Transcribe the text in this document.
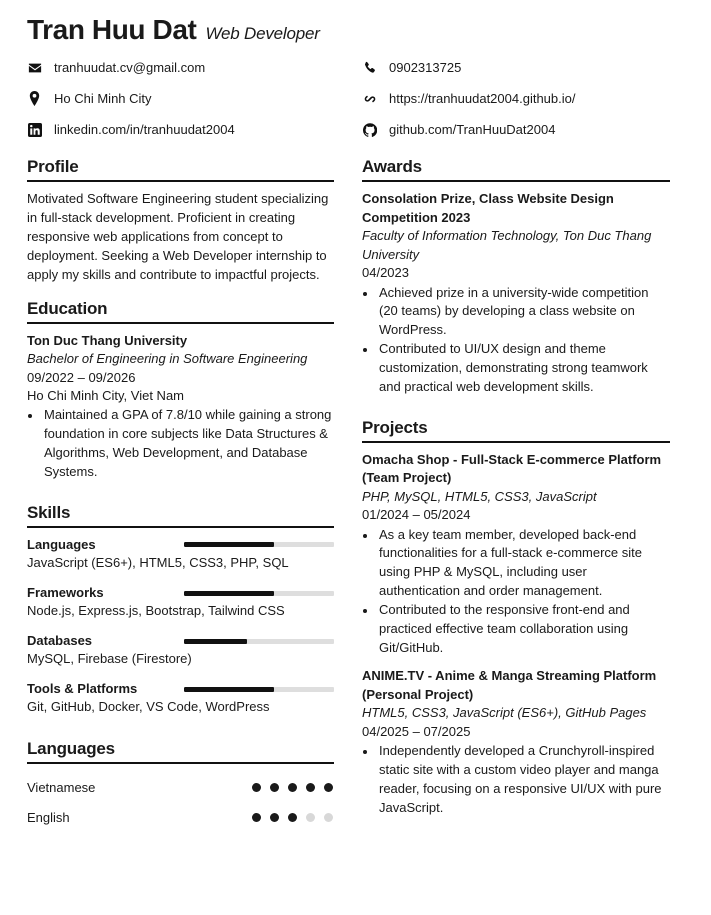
Tran Huu Dat Web Developer
tranhuudat.cv@gmail.com	0902313725
Ho Chi Minh City	https://tranhuudat2004.github.io/
linkedin.com/in/tranhuudat2004	github.com/TranHuuDat2004
Profile
Motivated Software Engineering student specializing in full-stack development. Proficient in creating responsive web applications from concept to deployment. Seeking a Web Developer internship to apply my skills and contribute to impactful projects.
Education
Ton Duc Thang University
Bachelor of Engineering in Software Engineering
09/2022 – 09/2026
Ho Chi Minh City, Viet Nam
• Maintained a GPA of 7.8/10 while gaining a strong foundation in core subjects like Data Structures & Algorithms, Web Development, and Database Systems.
Skills
Languages
JavaScript (ES6+), HTML5, CSS3, PHP, SQL
Frameworks
Node.js, Express.js, Bootstrap, Tailwind CSS
Databases
MySQL, Firebase (Firestore)
Tools & Platforms
Git, GitHub, Docker, VS Code, WordPress
Languages
Vietnamese
English
Awards
Consolation Prize, Class Website Design Competition 2023
Faculty of Information Technology, Ton Duc Thang University
04/2023
• Achieved prize in a university-wide competition (20 teams) by developing a class website on WordPress.
• Contributed to UI/UX design and theme customization, demonstrating strong teamwork and practical web development skills.
Projects
Omacha Shop - Full-Stack E-commerce Platform (Team Project)
PHP, MySQL, HTML5, CSS3, JavaScript
01/2024 – 05/2024
• As a key team member, developed back-end functionalities for a full-stack e-commerce site using PHP & MySQL, including user authentication and order management.
• Contributed to the responsive front-end and practiced effective team collaboration using Git/GitHub.
ANIME.TV - Anime & Manga Streaming Platform (Personal Project)
HTML5, CSS3, JavaScript (ES6+), GitHub Pages
04/2025 – 07/2025
• Independently developed a Crunchyroll-inspired static site with a custom video player and manga reader, focusing on a responsive UI/UX with pure JavaScript.
